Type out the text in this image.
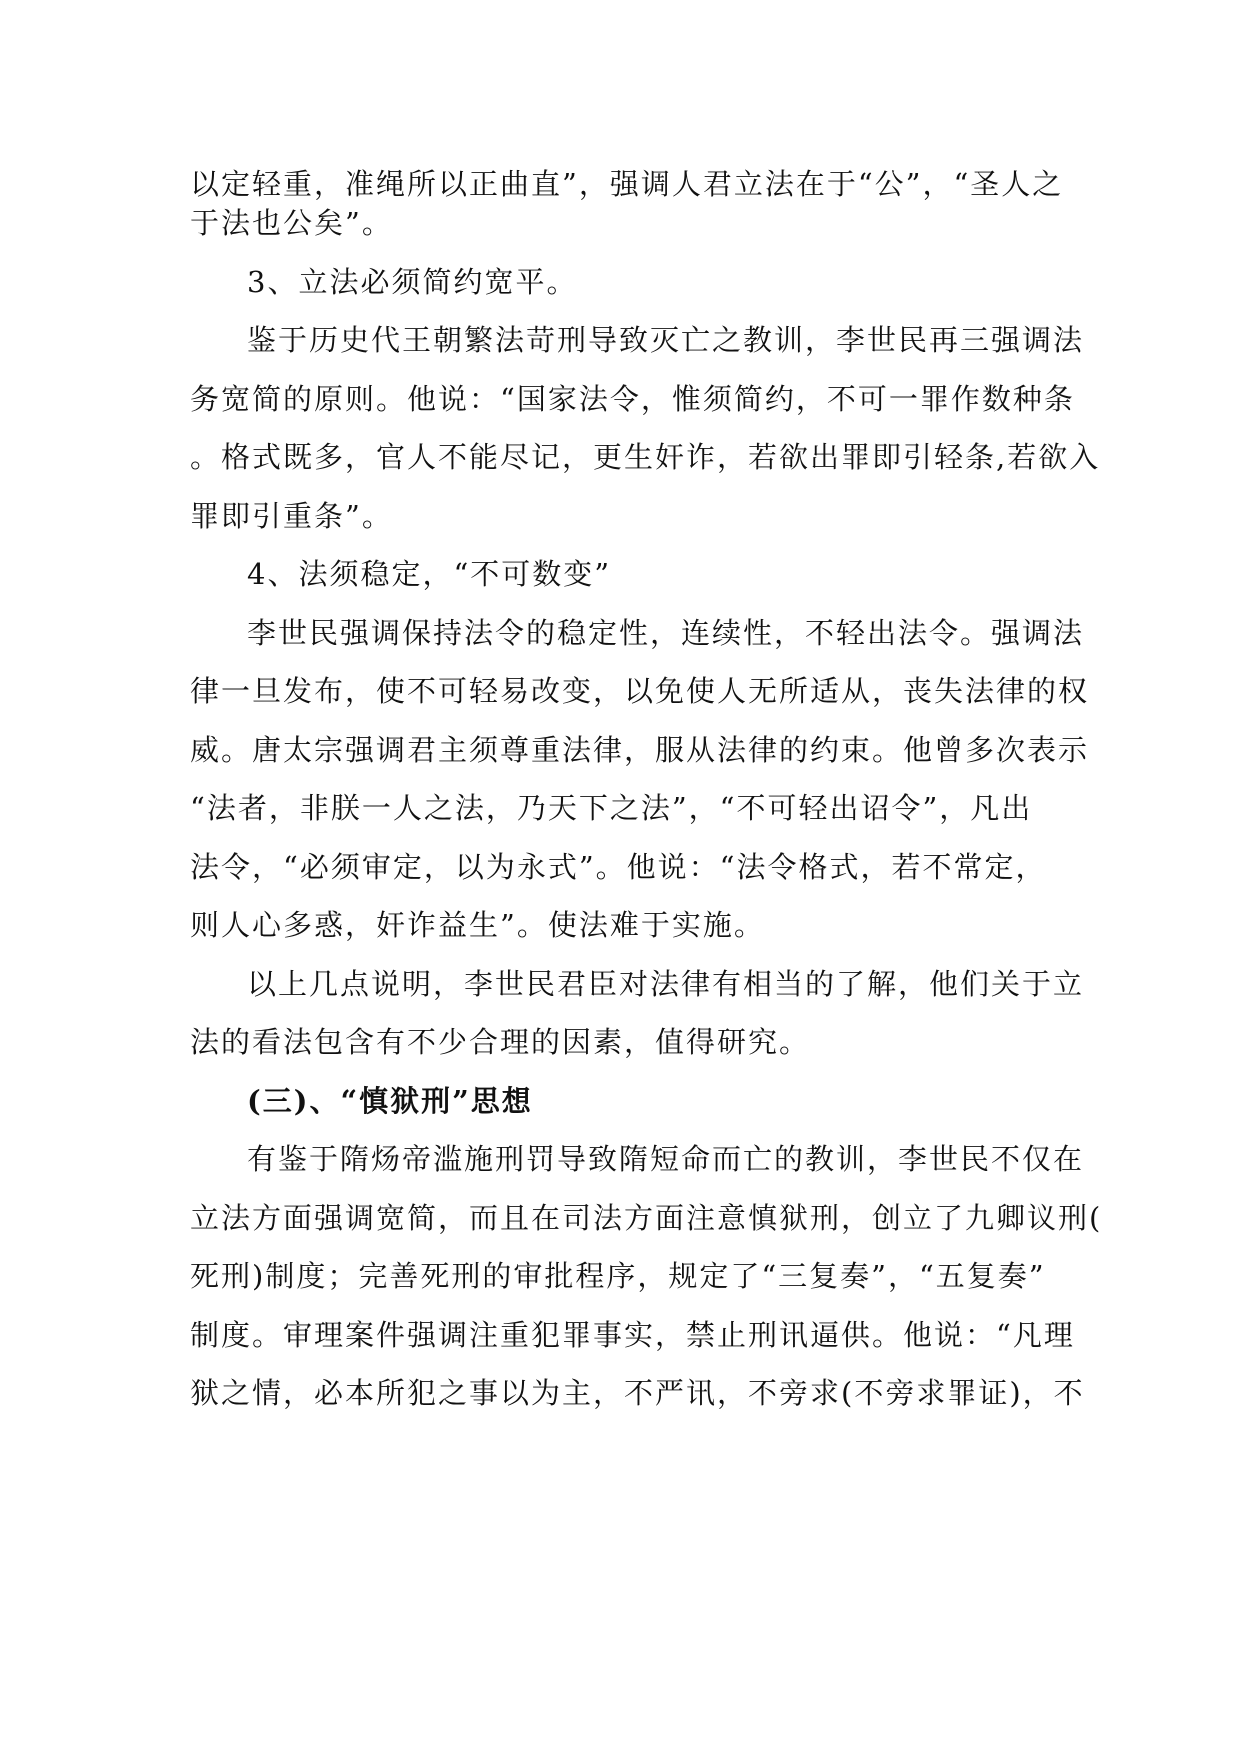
以定轻重，准绳所以正曲直”，强调人君立法在于“公”，“圣人之
于法也公矣”。
3、立法必须简约宽平。
鉴于历史代王朝繁法苛刑导致灭亡之教训，李世民再三强调法
务宽简的原则。他说：“国家法令，惟须简约，不可一罪作数种条
。格式既多，官人不能尽记，更生奸诈，若欲出罪即引轻条,若欲入
罪即引重条”。
4、法须稳定，“不可数变”
李世民强调保持法令的稳定性，连续性，不轻出法令。强调法
律一旦发布，使不可轻易改变，以免使人无所适从，丧失法律的权
威。唐太宗强调君主须尊重法律，服从法律的约束。他曾多次表示
“法者，非朕一人之法，乃天下之法”，“不可轻出诏令”，凡出
法令，“必须审定，以为永式”。他说：“法令格式，若不常定，
则人心多惑，奸诈益生”。使法难于实施。
以上几点说明，李世民君臣对法律有相当的了解，他们关于立
法的看法包含有不少合理的因素，值得研究。
(三)、“慎狱刑”思想
有鉴于隋炀帝滥施刑罚导致隋短命而亡的教训，李世民不仅在
立法方面强调宽简，而且在司法方面注意慎狱刑，创立了九卿议刑(
死刑)制度；完善死刑的审批程序，规定了“三复奏”，“五复奏”
制度。审理案件强调注重犯罪事实，禁止刑讯逼供。他说：“凡理
狱之情，必本所犯之事以为主，不严讯，不旁求(不旁求罪证)，不
